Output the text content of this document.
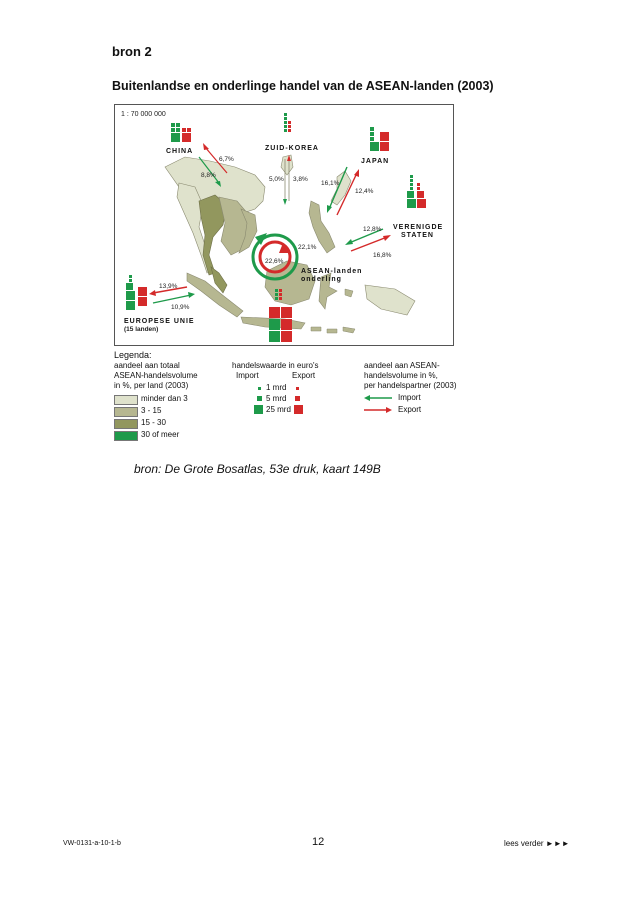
bron 2
Buitenlandse en onderlinge handel van de ASEAN-landen (2003)
1 : 70 000 000
CHINA	ZUID-KOREA
JAPAN
VERENIGDE
STATEN
EUROPESE UNIE
(15 landen)
22,6%
22,1%
ASEAN-landen
onderling
6,7%
8,8%
5,0% 3,8%
16,1%
12,4%
12,8%
16,8%
13,9%
10,9%
Legenda:
aandeel aan totaal
ASEAN-handelsvolume
in %, per land (2003)
minder dan 3
3 - 15
15 - 30
30 of meer
handelswaarde in euro's
Import	Export
1 mrd
5 mrd
25 mrd
aandeel aan ASEAN-
handelsvolume in %,
per handelspartner (2003)
Import
Export
bron: De Grote Bosatlas, 53e druk, kaart 149B
VW-0131-a-10-1-b	12	lees verder ►►►
